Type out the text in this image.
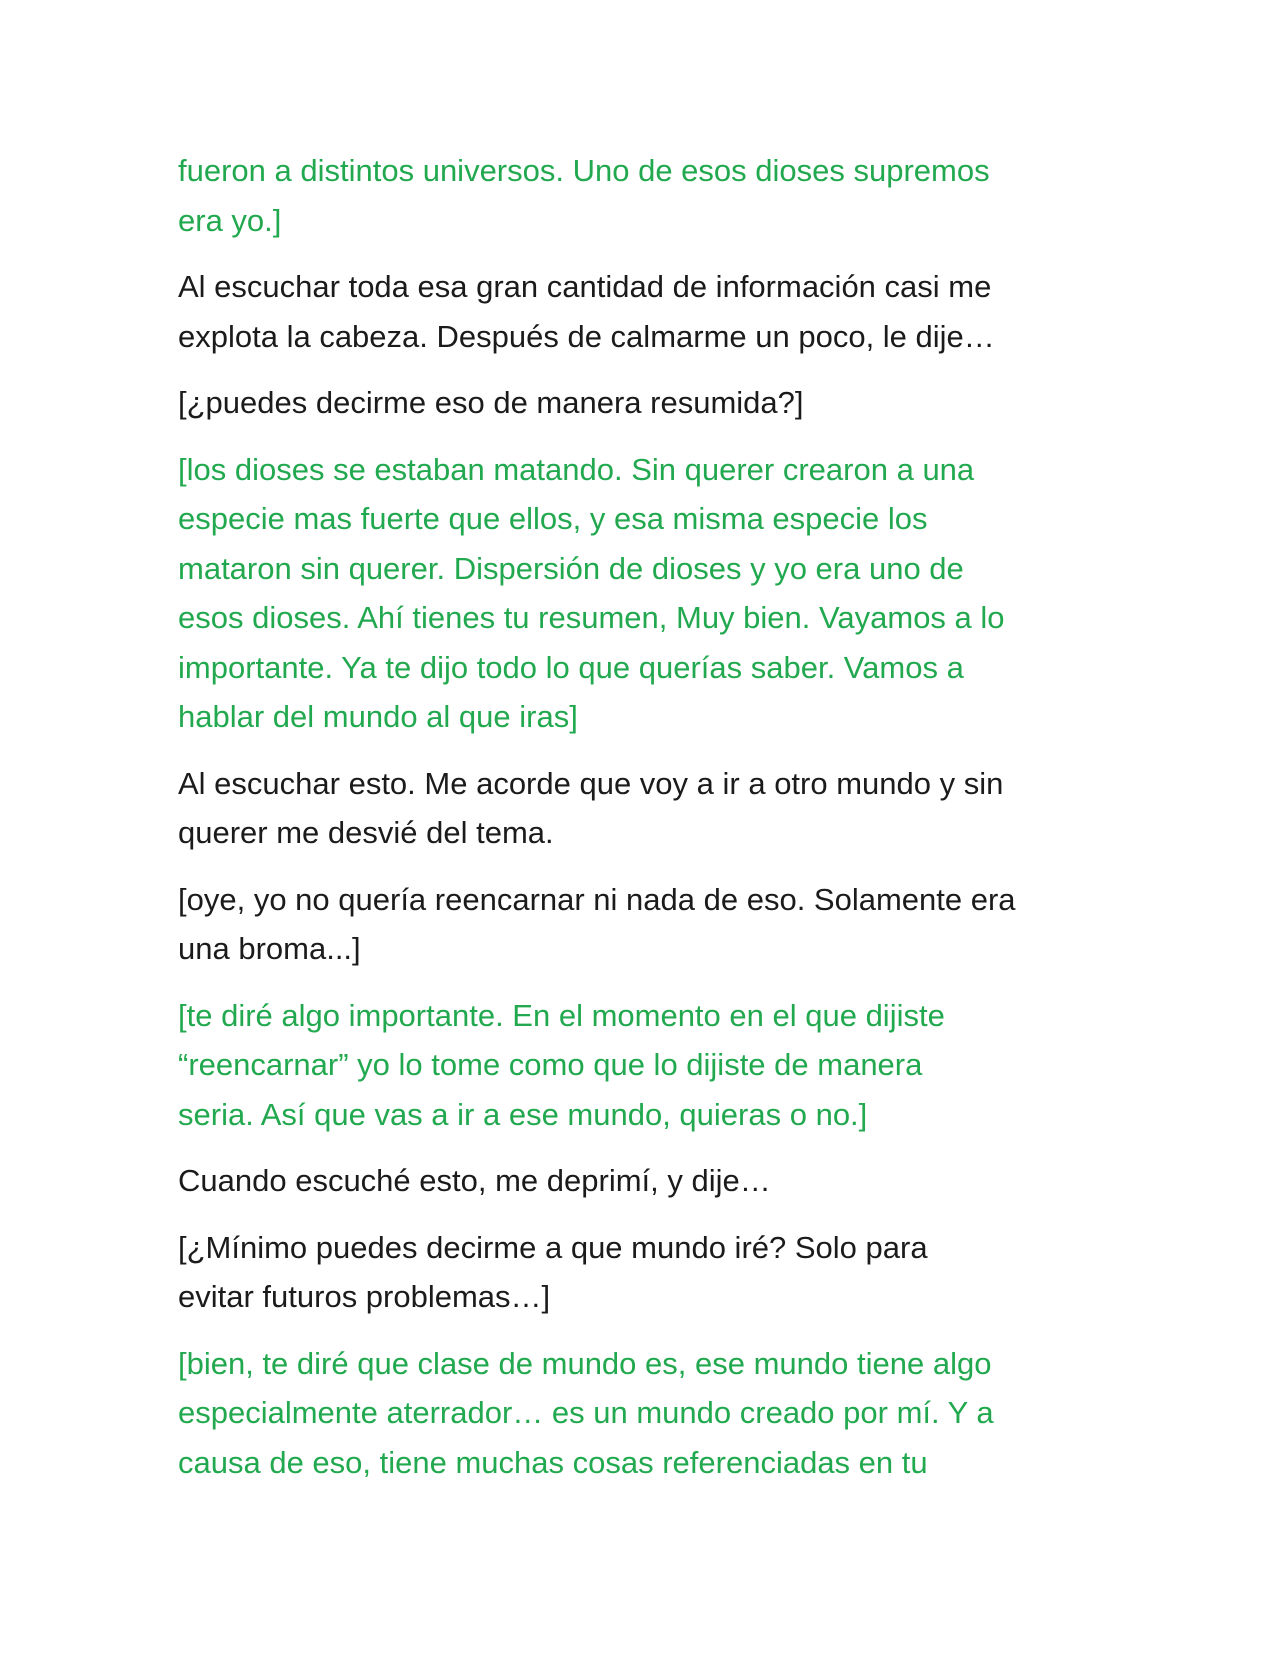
fueron a distintos universos. Uno de esos dioses supremos
era yo.]

Al escuchar toda esa gran cantidad de información casi me
explota la cabeza. Después de calmarme un poco, le dije…

[¿puedes decirme eso de manera resumida?]

[los dioses se estaban matando. Sin querer crearon a una
especie mas fuerte que ellos, y esa misma especie los
mataron sin querer. Dispersión de dioses y yo era uno de
esos dioses. Ahí tienes tu resumen, Muy bien. Vayamos a lo
importante. Ya te dijo todo lo que querías saber. Vamos a
hablar del mundo al que iras]

Al escuchar esto. Me acorde que voy a ir a otro mundo y sin
querer me desvié del tema.

[oye, yo no quería reencarnar ni nada de eso. Solamente era
una broma...]

[te diré algo importante. En el momento en el que dijiste
“reencarnar” yo lo tome como que lo dijiste de manera
seria. Así que vas a ir a ese mundo, quieras o no.]

Cuando escuché esto, me deprimí, y dije…

[¿Mínimo puedes decirme a que mundo iré? Solo para
evitar futuros problemas…]

[bien, te diré que clase de mundo es, ese mundo tiene algo
especialmente aterrador… es un mundo creado por mí. Y a
causa de eso, tiene muchas cosas referenciadas en tu
